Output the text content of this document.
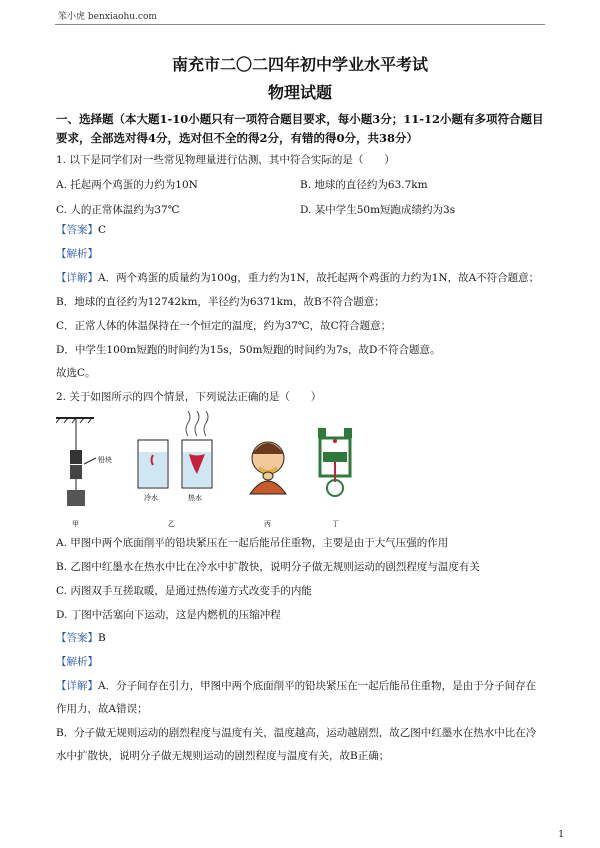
笨小虎 benxiaohu.com
南充市二〇二四年初中学业水平考试
物理试题
一、选择题（本大题1-10小题只有一项符合题目要求，每小题3分；11-12小题有多项符合题目要求，全部选对得4分，选对但不全的得2分，有错的得0分，共38分）
1. 以下是同学们对一些常见物理量进行估测，其中符合实际的是（　　）
A. 托起两个鸡蛋的力约为10N	B. 地球的直径约为63.7km
C. 人的正常体温约为37℃	D. 某中学生50m短跑成绩约为3s
【答案】C
【解析】
【详解】A．两个鸡蛋的质量约为100g，重力约为1N，故托起两个鸡蛋的力约为1N，故A不符合题意；
B．地球的直径约为12742km，半径约为6371km，故B不符合题意；
C．正常人体的体温保持在一个恒定的温度，约为37℃，故C符合题意；
D．中学生100m短跑的时间约为15s，50m短跑的时间约为7s，故D不符合题意。
故选C。
2. 关于如图所示的四个情景，下列说法正确的是（　　）
铅块
甲
冷水	热水
乙	丙	丁
A. 甲图中两个底面削平的铅块紧压在一起后能吊住重物，主要是由于大气压强的作用
B. 乙图中红墨水在热水中比在冷水中扩散快，说明分子做无规则运动的剧烈程度与温度有关
C. 丙图双手互搓取暖，是通过热传递方式改变手的内能
D. 丁图中活塞向下运动，这是内燃机的压缩冲程
【答案】B
【解析】
【详解】A．分子间存在引力，甲图中两个底面削平的铅块紧压在一起后能吊住重物，是由于分子间存在
作用力，故A错误；
B．分子做无规则运动的剧烈程度与温度有关，温度越高，运动越剧烈，故乙图中红墨水在热水中比在冷
水中扩散快，说明分子做无规则运动的剧烈程度与温度有关，故B正确；
1
